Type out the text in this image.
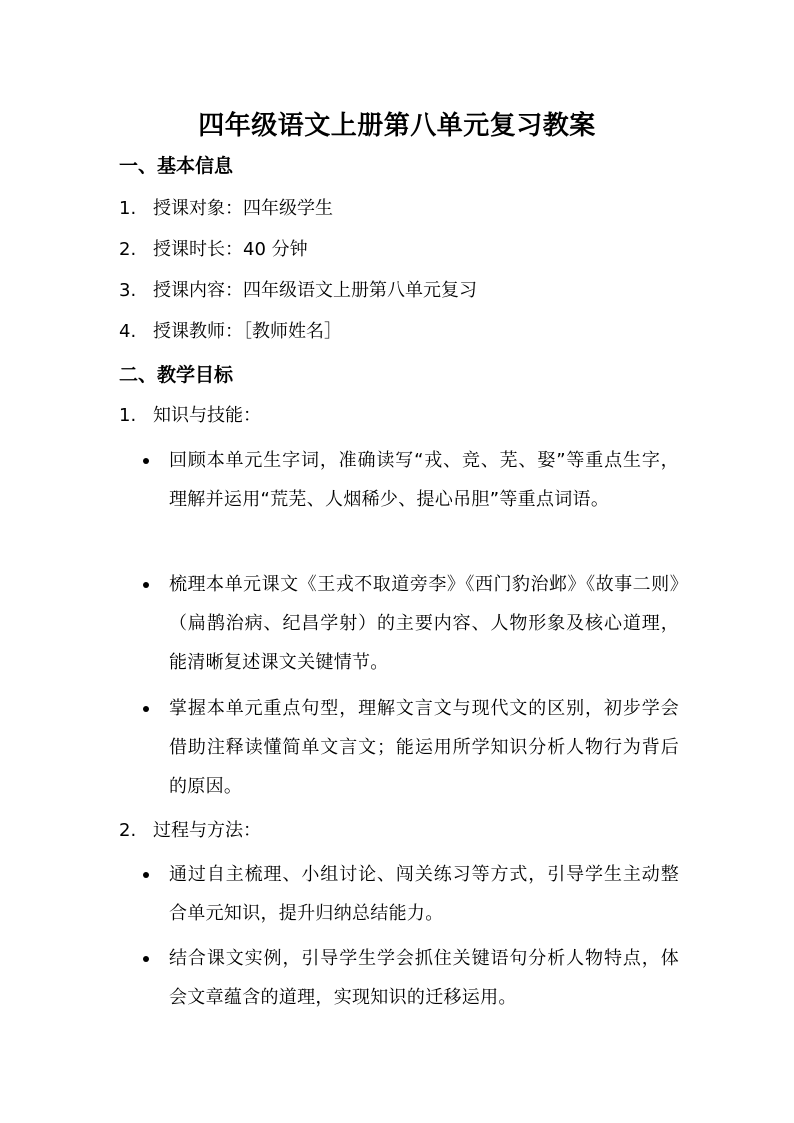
四年级语文上册第八单元复习教案
一、基本信息
1. 授课对象：四年级学生
2. 授课时长：40 分钟
3. 授课内容：四年级语文上册第八单元复习
4. 授课教师：［教师姓名］
二、教学目标
1. 知识与技能：
回顾本单元生字词，准确读写“戎、竞、芜、娶”等重点生字，理解并运用“荒芜、人烟稀少、提心吊胆”等重点词语。
梳理本单元课文《王戎不取道旁李》《西门豹治邺》《故事二则》（扁鹊治病、纪昌学射）的主要内容、人物形象及核心道理，能清晰复述课文关键情节。
掌握本单元重点句型，理解文言文与现代文的区别，初步学会借助注释读懂简单文言文；能运用所学知识分析人物行为背后的原因。
2. 过程与方法：
通过自主梳理、小组讨论、闯关练习等方式，引导学生主动整合单元知识，提升归纳总结能力。
结合课文实例，引导学生学会抓住关键语句分析人物特点，体会文章蕴含的道理，实现知识的迁移运用。
